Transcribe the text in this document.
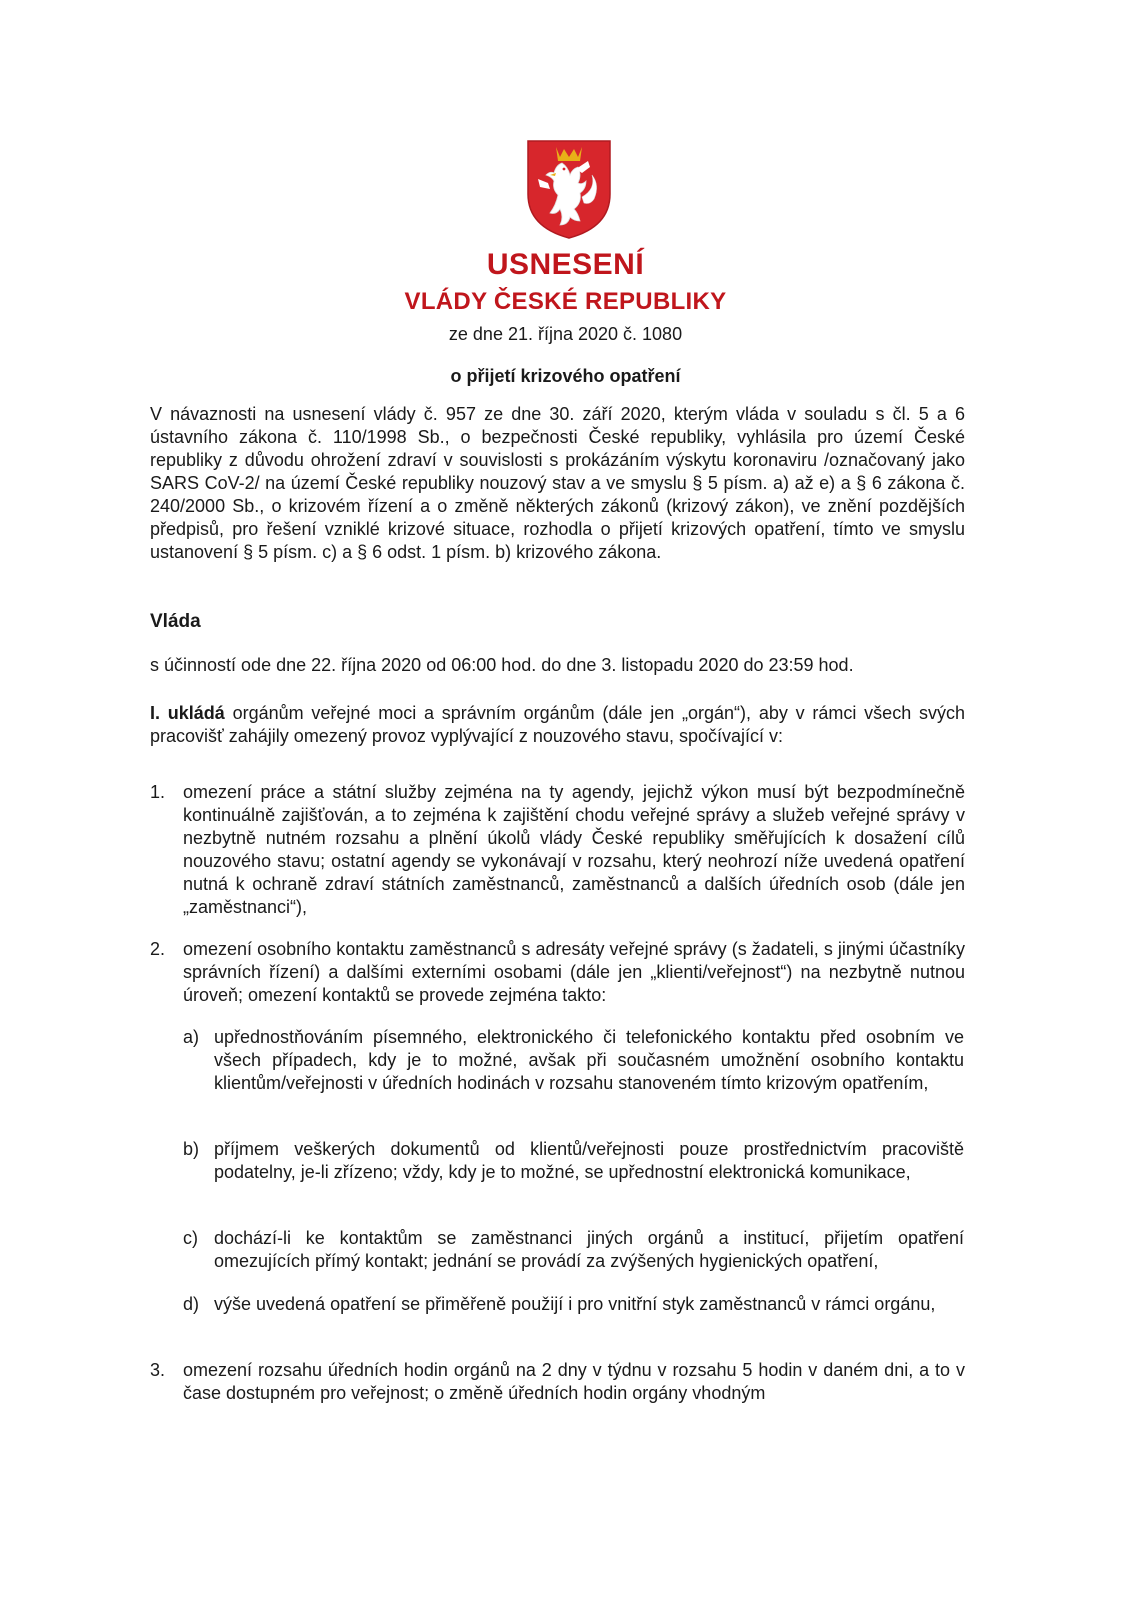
USNESENÍ
VLÁDY ČESKÉ REPUBLIKY
ze dne 21. října 2020 č. 1080
o přijetí krizového opatření
V návaznosti na usnesení vlády č. 957 ze dne 30. září 2020, kterým vláda v souladu s čl. 5 a 6 ústavního zákona č. 110/1998 Sb., o bezpečnosti České republiky, vyhlásila pro území České republiky z důvodu ohrožení zdraví v souvislosti s prokázáním výskytu koronaviru /označovaný jako SARS CoV-2/ na území České republiky nouzový stav a ve smyslu § 5 písm. a) až e) a § 6 zákona č. 240/2000 Sb., o krizovém řízení a o změně některých zákonů (krizový zákon), ve znění pozdějších předpisů, pro řešení vzniklé krizové situace, rozhodla o přijetí krizových opatření, tímto ve smyslu ustanovení § 5 písm. c) a § 6 odst. 1 písm. b) krizového zákona.
Vláda
s účinností ode dne 22. října 2020 od 06:00 hod. do dne 3. listopadu 2020 do 23:59 hod.
I. ukládá orgánům veřejné moci a správním orgánům (dále jen „orgán“), aby v rámci všech svých pracovišť zahájily omezený provoz vyplývající z nouzového stavu, spočívající v:
1. omezení práce a státní služby zejména na ty agendy, jejichž výkon musí být bezpodmínečně kontinuálně zajišťován, a to zejména k zajištění chodu veřejné správy a služeb veřejné správy v nezbytně nutném rozsahu a plnění úkolů vlády České republiky směřujících k dosažení cílů nouzového stavu; ostatní agendy se vykonávají v rozsahu, který neohrozí níže uvedená opatření nutná k ochraně zdraví státních zaměstnanců, zaměstnanců a dalších úředních osob (dále jen „zaměstnanci“),
2. omezení osobního kontaktu zaměstnanců s adresáty veřejné správy (s žadateli, s jinými účastníky správních řízení) a dalšími externími osobami (dále jen „klienti/veřejnost“) na nezbytně nutnou úroveň; omezení kontaktů se provede zejména takto:
a) upřednostňováním písemného, elektronického či telefonického kontaktu před osobním ve všech případech, kdy je to možné, avšak při současném umožnění osobního kontaktu klientům/veřejnosti v úředních hodinách v rozsahu stanoveném tímto krizovým opatřením,
b) příjmem veškerých dokumentů od klientů/veřejnosti pouze prostřednictvím pracoviště podatelny, je-li zřízeno; vždy, kdy je to možné, se upřednostní elektronická komunikace,
c) dochází-li ke kontaktům se zaměstnanci jiných orgánů a institucí, přijetím opatření omezujících přímý kontakt; jednání se provádí za zvýšených hygienických opatření,
d) výše uvedená opatření se přiměřeně použijí i pro vnitřní styk zaměstnanců v rámci orgánu,
3. omezení rozsahu úředních hodin orgánů na 2 dny v týdnu v rozsahu 5 hodin v daném dni, a to v čase dostupném pro veřejnost; o změně úředních hodin orgány vhodným
